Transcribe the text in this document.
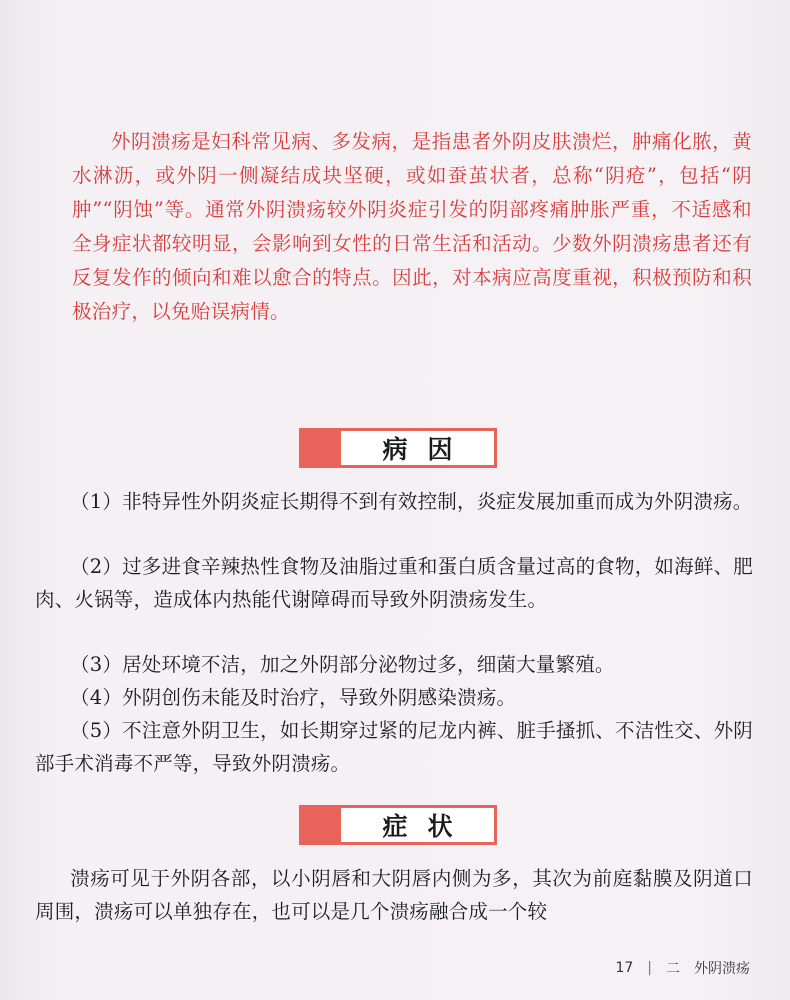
外阴溃疡是妇科常见病、多发病，是指患者外阴皮肤溃烂，肿痛化脓，黄水淋沥，或外阴一侧凝结成块坚硬，或如蚕茧状者，总称“阴疮”，包括“阴肿”“阴蚀”等。通常外阴溃疡较外阴炎症引发的阴部疼痛肿胀严重，不适感和全身症状都较明显，会影响到女性的日常生活和活动。少数外阴溃疡患者还有反复发作的倾向和难以愈合的特点。因此，对本病应高度重视，积极预防和积极治疗，以免贻误病情。

病因

（1）非特异性外阴炎症长期得不到有效控制，炎症发展加重而成为外阴溃疡。

（2）过多进食辛辣热性食物及油脂过重和蛋白质含量过高的食物，如海鲜、肥肉、火锅等，造成体内热能代谢障碍而导致外阴溃疡发生。

（3）居处环境不洁，加之外阴部分泌物过多，细菌大量繁殖。

（4）外阴创伤未能及时治疗，导致外阴感染溃疡。

（5）不注意外阴卫生，如长期穿过紧的尼龙内裤、脏手搔抓、不洁性交、外阴部手术消毒不严等，导致外阴溃疡。

症状

溃疡可见于外阴各部，以小阴唇和大阴唇内侧为多，其次为前庭黏膜及阴道口周围，溃疡可以单独存在，也可以是几个溃疡融合成一个较

17 | 二 外阴溃疡
